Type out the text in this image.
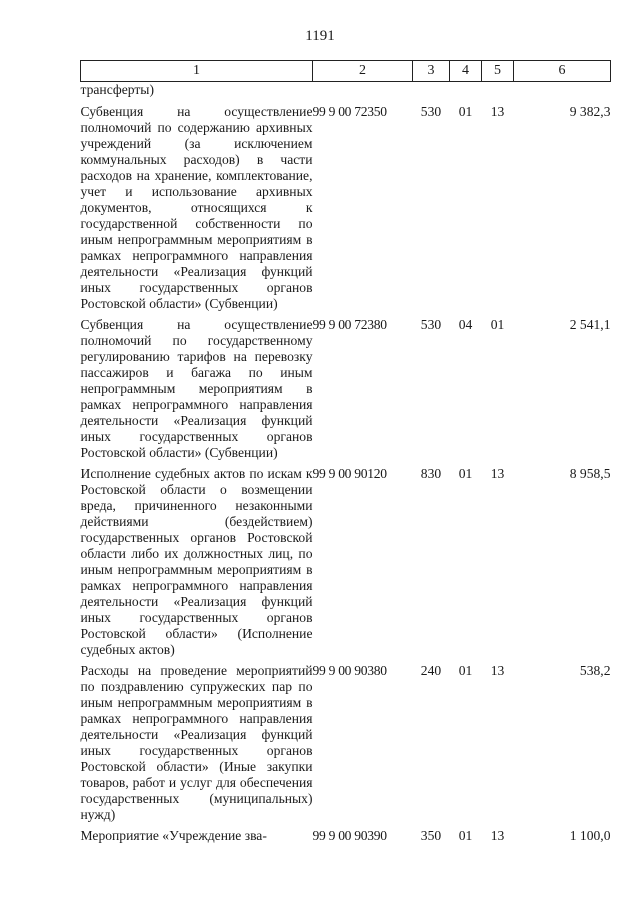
1191
1	2	3	4	5	6
трансферты)					
Субвенция на осуществление полномочий по содержанию архивных учреждений (за исключением коммунальных расходов) в части расходов на хранение, комплектование, учет и использование архивных документов, относящихся к государственной собственности по иным непрограммным мероприятиям в рамках непрограммного направления деятельности «Реализация функций иных государственных органов Ростовской области» (Субвенции)	99 9 00 72350	530	01	13	9 382,3
Субвенция на осуществление полномочий по государственному регулированию тарифов на перевозку пассажиров и багажа по иным непрограммным мероприятиям в рамках непрограммного направления деятельности «Реализация функций иных государственных органов Ростовской области» (Субвенции)	99 9 00 72380	530	04	01	2 541,1
Исполнение судебных актов по искам к Ростовской области о возмещении вреда, причиненного незаконными действиями (бездействием) государственных органов Ростовской области либо их должностных лиц, по иным непрограммным мероприятиям в рамках непрограммного направления деятельности «Реализация функций иных государственных органов Ростовской области» (Исполнение судебных актов)	99 9 00 90120	830	01	13	8 958,5
Расходы на проведение мероприятий по поздравлению супружеских пар по иным непрограммным мероприятиям в рамках непрограммного направления деятельности «Реализация функций иных государственных органов Ростовской области» (Иные закупки товаров, работ и услуг для обеспечения государственных (муниципальных) нужд)	99 9 00 90380	240	01	13	538,2
Мероприятие «Учреждение зва-	99 9 00 90390	350	01	13	1 100,0
